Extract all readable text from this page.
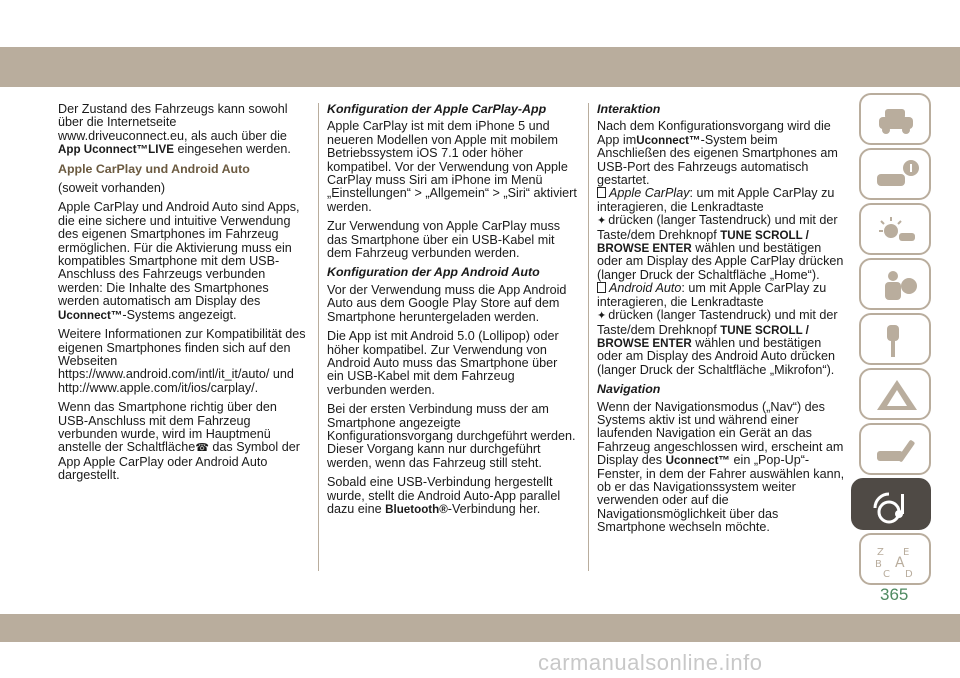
Der Zustand des Fahrzeugs kann sowohl über die Internetseite www.driveuconnect.eu, als auch über die
App Uconnect™LIVE eingesehen werden.

Apple CarPlay und Android Auto

(soweit vorhanden)

Apple CarPlay und Android Auto sind Apps, die eine sichere und intuitive Verwendung des eigenen Smartphones im Fahrzeug ermöglichen. Für die Aktivierung muss ein kompatibles Smartphone mit dem USB-Anschluss des Fahrzeugs verbunden werden: Die Inhalte des Smartphones werden automatisch am Display des Uconnect™-Systems angezeigt.

Weitere Informationen zur Kompatibilität des eigenen Smartphones finden sich auf den Webseiten https://www.android.com/intl/it_it/auto/ und http://www.apple.com/it/ios/carplay/.

Wenn das Smartphone richtig über den USB-Anschluss mit dem Fahrzeug verbunden wurde, wird im Hauptmenü anstelle der Schaltfläche☎ das Symbol der App Apple CarPlay oder Android Auto dargestellt.

Konfiguration der Apple CarPlay-App

Apple CarPlay ist mit dem iPhone 5 und neueren Modellen von Apple mit mobilem Betriebssystem iOS 7.1 oder höher kompatibel. Vor der Verwendung von Apple CarPlay muss Siri am iPhone im Menü „Einstellungen“ > „Allgemein“ > „Siri“ aktiviert werden.

Zur Verwendung von Apple CarPlay muss das Smartphone über ein USB-Kabel mit dem Fahrzeug verbunden werden.

Konfiguration der App Android Auto

Vor der Verwendung muss die App Android Auto aus dem Google Play Store auf dem Smartphone heruntergeladen werden.

Die App ist mit Android 5.0 (Lollipop) oder höher kompatibel. Zur Verwendung von Android Auto muss das Smartphone über ein USB-Kabel mit dem Fahrzeug verbunden werden.

Bei der ersten Verbindung muss der am Smartphone angezeigte Konfigurationsvorgang durchgeführt werden. Dieser Vorgang kann nur durchgeführt werden, wenn das Fahrzeug still steht.

Sobald eine USB-Verbindung hergestellt wurde, stellt die Android Auto-App parallel dazu eine Bluetooth®-Verbindung her.

Interaktion

Nach dem Konfigurationsvorgang wird die App imUconnect™-System beim Anschließen des eigenen Smartphones am USB-Port des Fahrzeugs automatisch gestartet.

Apple CarPlay: um mit Apple CarPlay zu interagieren, die Lenkradtaste
✦ drücken (langer Tastendruck) und mit der Taste/dem Drehknopf TUNE SCROLL / BROWSE ENTER wählen und bestätigen oder am Display des Apple CarPlay drücken (langer Druck der Schaltfläche „Home“).

Android Auto: um mit Apple CarPlay zu interagieren, die Lenkradtaste
✦ drücken (langer Tastendruck) und mit der Taste/dem Drehknopf TUNE SCROLL / BROWSE ENTER wählen und bestätigen oder am Display des Android Auto drücken (langer Druck der Schaltfläche „Mikrofon“).

Navigation

Wenn der Navigationsmodus („Nav“) des Systems aktiv ist und während einer laufenden Navigation ein Gerät an das Fahrzeug angeschlossen wird, erscheint am Display des Uconnect™ ein „Pop-Up“-Fenster, in dem der Fahrer auswählen kann, ob er das Navigationssystem weiter verwenden oder auf die Navigationsmöglichkeit über das Smartphone wechseln möchte.

Z E
B A
C D
365
carmanualsonline.info
